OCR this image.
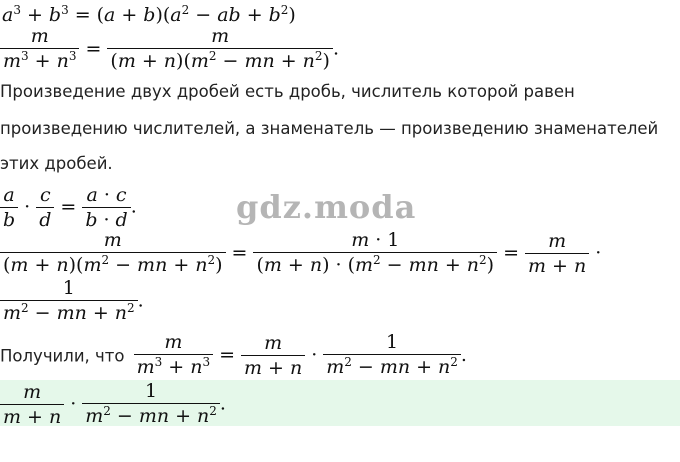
$a^3 + b^3 = (a + b)(a^2$ − ab + $b^2$)
$\frac{m}{m^3 + n^3} = \frac{m}{(m + n)(m^2 - mn + n^2)}$ .
Произведение двух дробей есть дробь, числитель которой равен
произведению числителей, а знаменатель — произведению знаменателей
этих дробей.
$\frac{a}{b} \cdot \frac{c}{d} = \frac{a \cdot c}{b \cdot d}$ .	gdz.moda
$\frac{m}{(m + n)(m^2 - mn + n^2)} = \frac{m \cdot 1}{(m + n) \cdot (m^2 - mn + n^2)} = \frac{m}{m + n}$ ·
$\frac{1}{m^2 - mn + n^2}$ .
Получили, что $\frac{m}{m^3 + n^3} = \frac{m}{m + n} \cdot \frac{1}{m^2 - mn + n^2}$ .
$\frac{m}{m + n} \cdot \frac{1}{m^2 - mn + n^2}$ .
